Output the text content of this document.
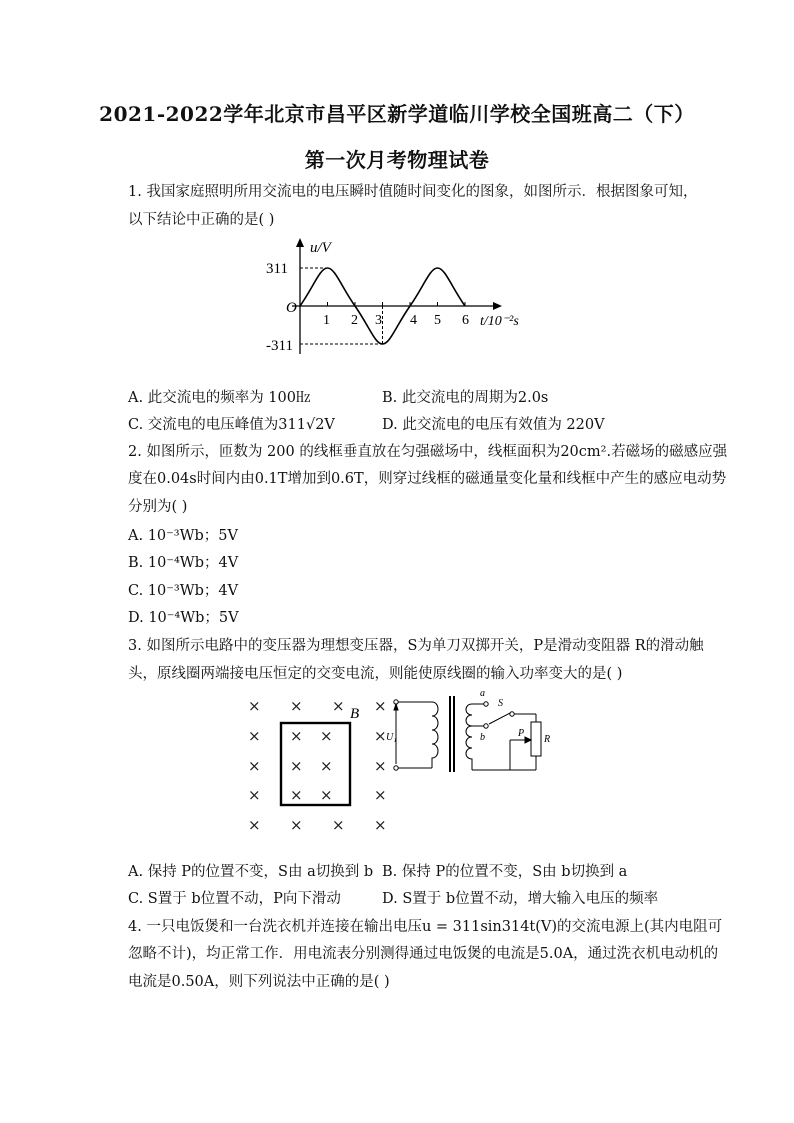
2021-2022学年北京市昌平区新学道临川学校全国班高二（下）
第一次月考物理试卷
1. 我国家庭照明所用交流电的电压瞬时值随时间变化的图象，如图所示．根据图象可知，
以下结论中正确的是( )
u/V
311
-311
O
1 2 3 4 5 6 t/10⁻²s
A. 此交流电的频率为 100㎐	B. 此交流电的周期为2.0s
C. 交流电的电压峰值为311√2V	D. 此交流电的电压有效值为 220V
2. 如图所示，匝数为 200 的线框垂直放在匀强磁场中，线框面积为20cm².若磁场的磁感应强
度在0.04s时间内由0.1T增加到0.6T，则穿过线框的磁通量变化量和线框中产生的感应电动势
分别为( )
A. 10⁻³Wb；5V
B. 10⁻⁴Wb；4V
C. 10⁻³Wb；4V
D. 10⁻⁴Wb；5V
3. 如图所示电路中的变压器为理想变压器，S为单刀双掷开关，P是滑动变阻器 R的滑动触
头，原线圈两端接电压恒定的交变电流，则能使原线圈的输入功率变大的是( )
× × × ×
×	×
×	×
×	×
× × × ×
× ×
× ×
× ×
B
U₁
a
b
S
P
R
A. 保持 P的位置不变，S由 a切换到 b B. 保持 P的位置不变，S由 b切换到 a
C. S置于 b位置不动，P向下滑动	D. S置于 b位置不动，增大输入电压的频率
4. 一只电饭煲和一台洗衣机并连接在输出电压u = 311sin314t(V)的交流电源上(其内电阻可
忽略不计)，均正常工作．用电流表分别测得通过电饭煲的电流是5.0A，通过洗衣机电动机的
电流是0.50A，则下列说法中正确的是( )
